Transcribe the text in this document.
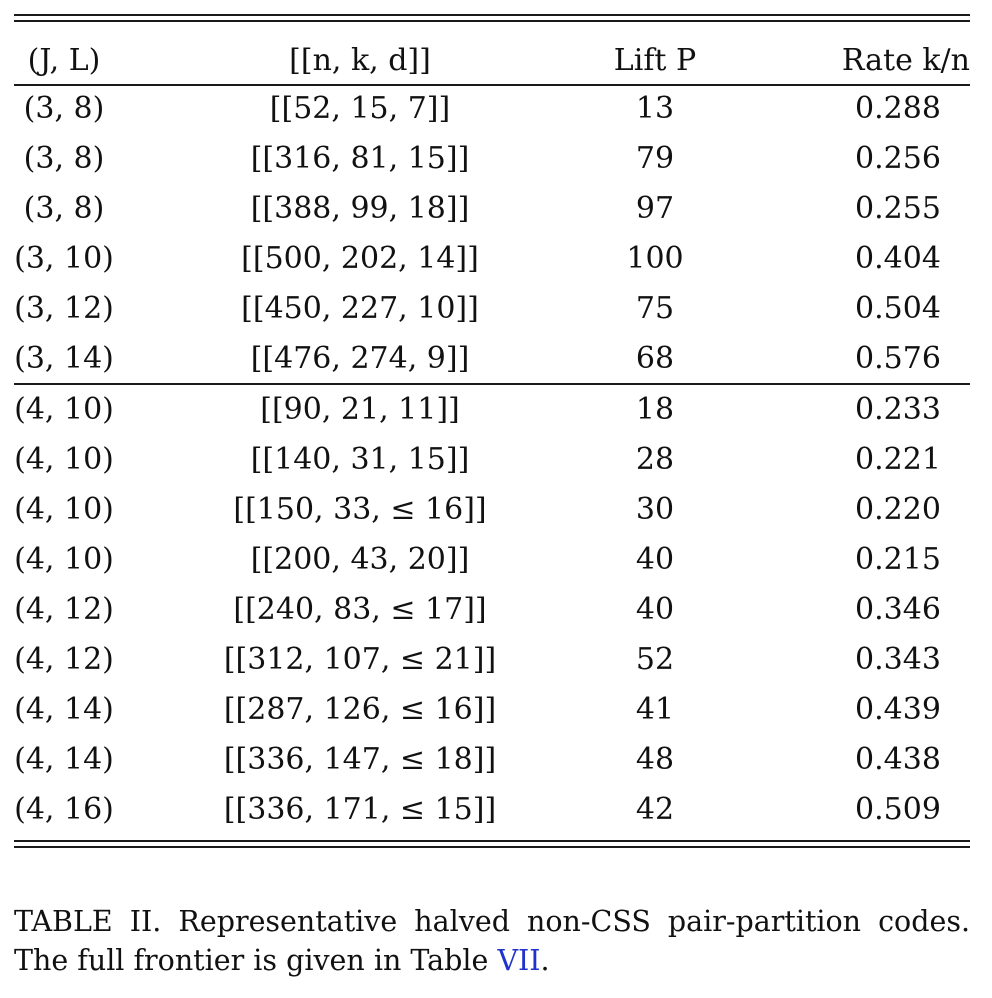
(J, L)	[[n, k, d]]	Lift P	Rate k/n
(3, 8)	[[52, 15, 7]]	13	0.288
(3, 8)	[[316, 81, 15]]	79	0.256
(3, 8)	[[388, 99, 18]]	97	0.255
(3, 10)	[[500, 202, 14]]	100	0.404
(3, 12)	[[450, 227, 10]]	75	0.504
(3, 14)	[[476, 274, 9]]	68	0.576
(4, 10)	[[90, 21, 11]]	18	0.233
(4, 10)	[[140, 31, 15]]	28	0.221
(4, 10)	[[150, 33, ≤ 16]]	30	0.220
(4, 10)	[[200, 43, 20]]	40	0.215
(4, 12)	[[240, 83, ≤ 17]]	40	0.346
(4, 12)	[[312, 107, ≤ 21]]	52	0.343
(4, 14)	[[287, 126, ≤ 16]]	41	0.439
(4, 14)	[[336, 147, ≤ 18]]	48	0.438
(4, 16)	[[336, 171, ≤ 15]]	42	0.509
TABLE II. Representative halved non-CSS pair-partition codes. The full frontier is given in Table VII.
